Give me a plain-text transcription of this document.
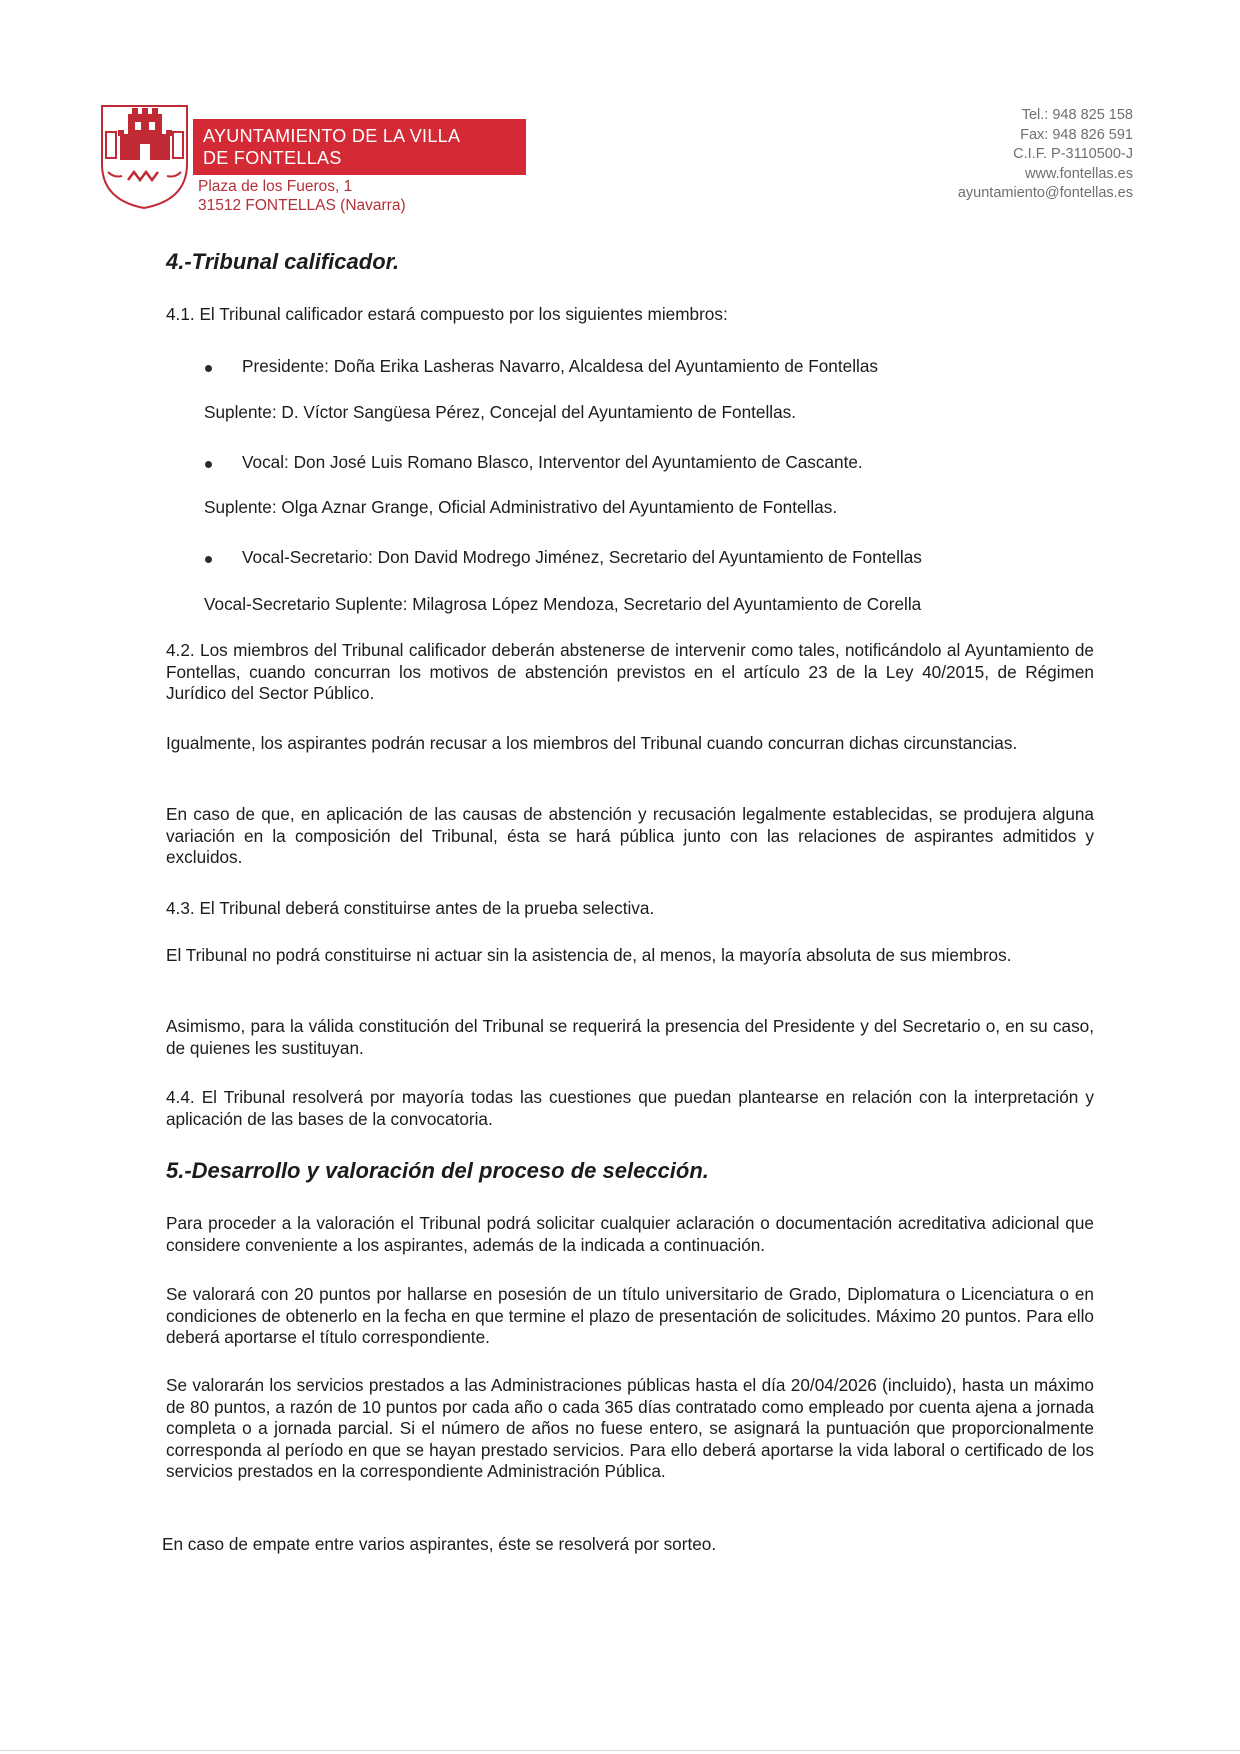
AYUNTAMIENTO DE LA VILLA
DE FONTELLAS
Plaza de los Fueros, 1
31512 FONTELLAS (Navarra)
Tel.: 948 825 158
Fax: 948 826 591
C.I.F. P-3110500-J
www.fontellas.es
ayuntamiento@fontellas.es
4.-Tribunal calificador.
4.1. El Tribunal calificador estará compuesto por los siguientes miembros:
Presidente: Doña Erika Lasheras Navarro, Alcaldesa del Ayuntamiento de Fontellas
Suplente: D. Víctor Sangüesa Pérez, Concejal del Ayuntamiento de Fontellas.
Vocal: Don José Luis Romano Blasco, Interventor del Ayuntamiento de Cascante.
Suplente: Olga Aznar Grange, Oficial Administrativo del Ayuntamiento de Fontellas.
Vocal-Secretario: Don David Modrego Jiménez, Secretario del Ayuntamiento de Fontellas
Vocal-Secretario Suplente: Milagrosa López Mendoza, Secretario del Ayuntamiento de Corella
4.2. Los miembros del Tribunal calificador deberán abstenerse de intervenir como tales, notificándolo al Ayuntamiento de Fontellas, cuando concurran los motivos de abstención previstos en el artículo 23 de la Ley 40/2015, de Régimen Jurídico del Sector Público.
Igualmente, los aspirantes podrán recusar a los miembros del Tribunal cuando concurran dichas circunstancias.
En caso de que, en aplicación de las causas de abstención y recusación legalmente establecidas, se produjera alguna variación en la composición del Tribunal, ésta se hará pública junto con las relaciones de aspirantes admitidos y excluidos.
4.3. El Tribunal deberá constituirse antes de la prueba selectiva.
El Tribunal no podrá constituirse ni actuar sin la asistencia de, al menos, la mayoría absoluta de sus miembros.
Asimismo, para la válida constitución del Tribunal se requerirá la presencia del Presidente y del Secretario o, en su caso, de quienes les sustituyan.
4.4. El Tribunal resolverá por mayoría todas las cuestiones que puedan plantearse en relación con la interpretación y aplicación de las bases de la convocatoria.
5.-Desarrollo y valoración del proceso de selección.
Para proceder a la valoración el Tribunal podrá solicitar cualquier aclaración o documentación acreditativa adicional que considere conveniente a los aspirantes, además de la indicada a continuación.
Se valorará con 20 puntos por hallarse en posesión de un título universitario de Grado, Diplomatura o Licenciatura o en condiciones de obtenerlo en la fecha en que termine el plazo de presentación de solicitudes. Máximo 20 puntos. Para ello deberá aportarse el título correspondiente.
Se valorarán los servicios prestados a las Administraciones públicas hasta el día 20/04/2026 (incluido), hasta un máximo de 80 puntos, a razón de 10 puntos por cada año o cada 365 días contratado como empleado por cuenta ajena a jornada completa o a jornada parcial. Si el número de años no fuese entero, se asignará la puntuación que proporcionalmente corresponda al período en que se hayan prestado servicios. Para ello deberá aportarse la vida laboral o certificado de los servicios prestados en la correspondiente Administración Pública.
En caso de empate entre varios aspirantes, éste se resolverá por sorteo.
